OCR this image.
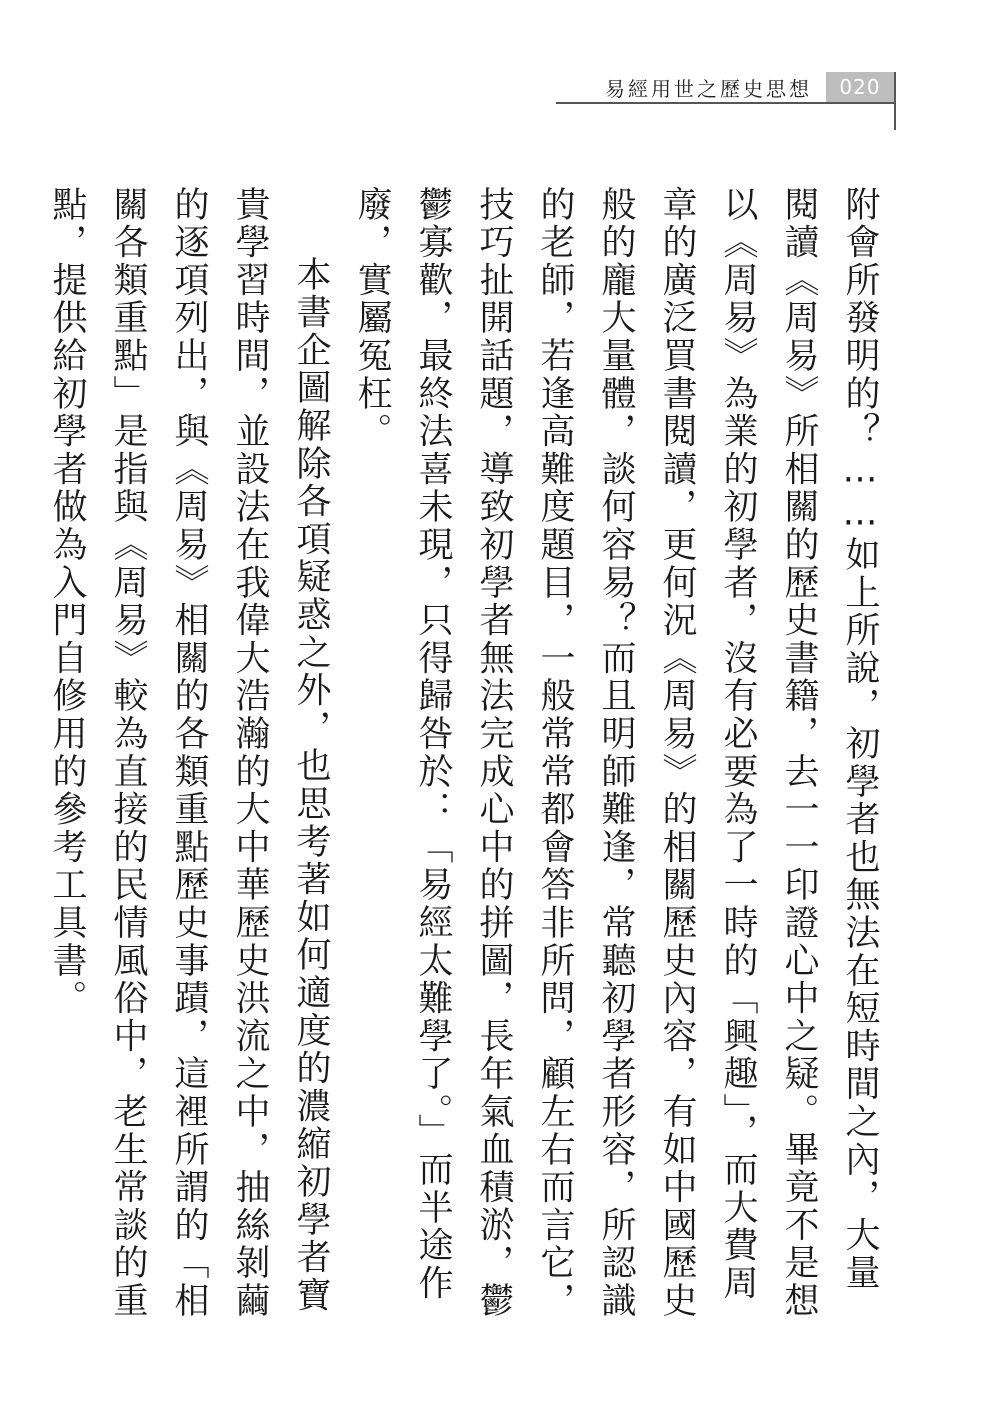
易經用世之歷史思想	020

附會所發明的？……如上所說，初學者也無法在短時間之內，大量閱讀《周易》所相關的歷史書籍，去一一印證心中之疑。畢竟不是想以《周易》為業的初學者，沒有必要為了一時的「興趣」，而大費周章的廣泛買書閱讀，更何況《周易》的相關歷史內容，有如中國歷史般的龐大量體，談何容易？而且明師難逢，常聽初學者形容，所認識的老師，若逢高難度題目，一般常常都會答非所問，顧左右而言它，技巧扯開話題，導致初學者無法完成心中的拼圖，長年氣血積淤，鬱鬱寡歡，最終法喜未現，只得歸咎於：「易經太難學了。」而半途作廢，實屬冤枉。

本書企圖解除各項疑惑之外，也思考著如何適度的濃縮初學者寶貴學習時間，並設法在我偉大浩瀚的大中華歷史洪流之中，抽絲剝繭的逐項列出，與《周易》相關的各類重點歷史事蹟，這裡所謂的「相關各類重點」是指與《周易》較為直接的民情風俗中，老生常談的重點，提供給初學者做為入門自修用的參考工具書。
